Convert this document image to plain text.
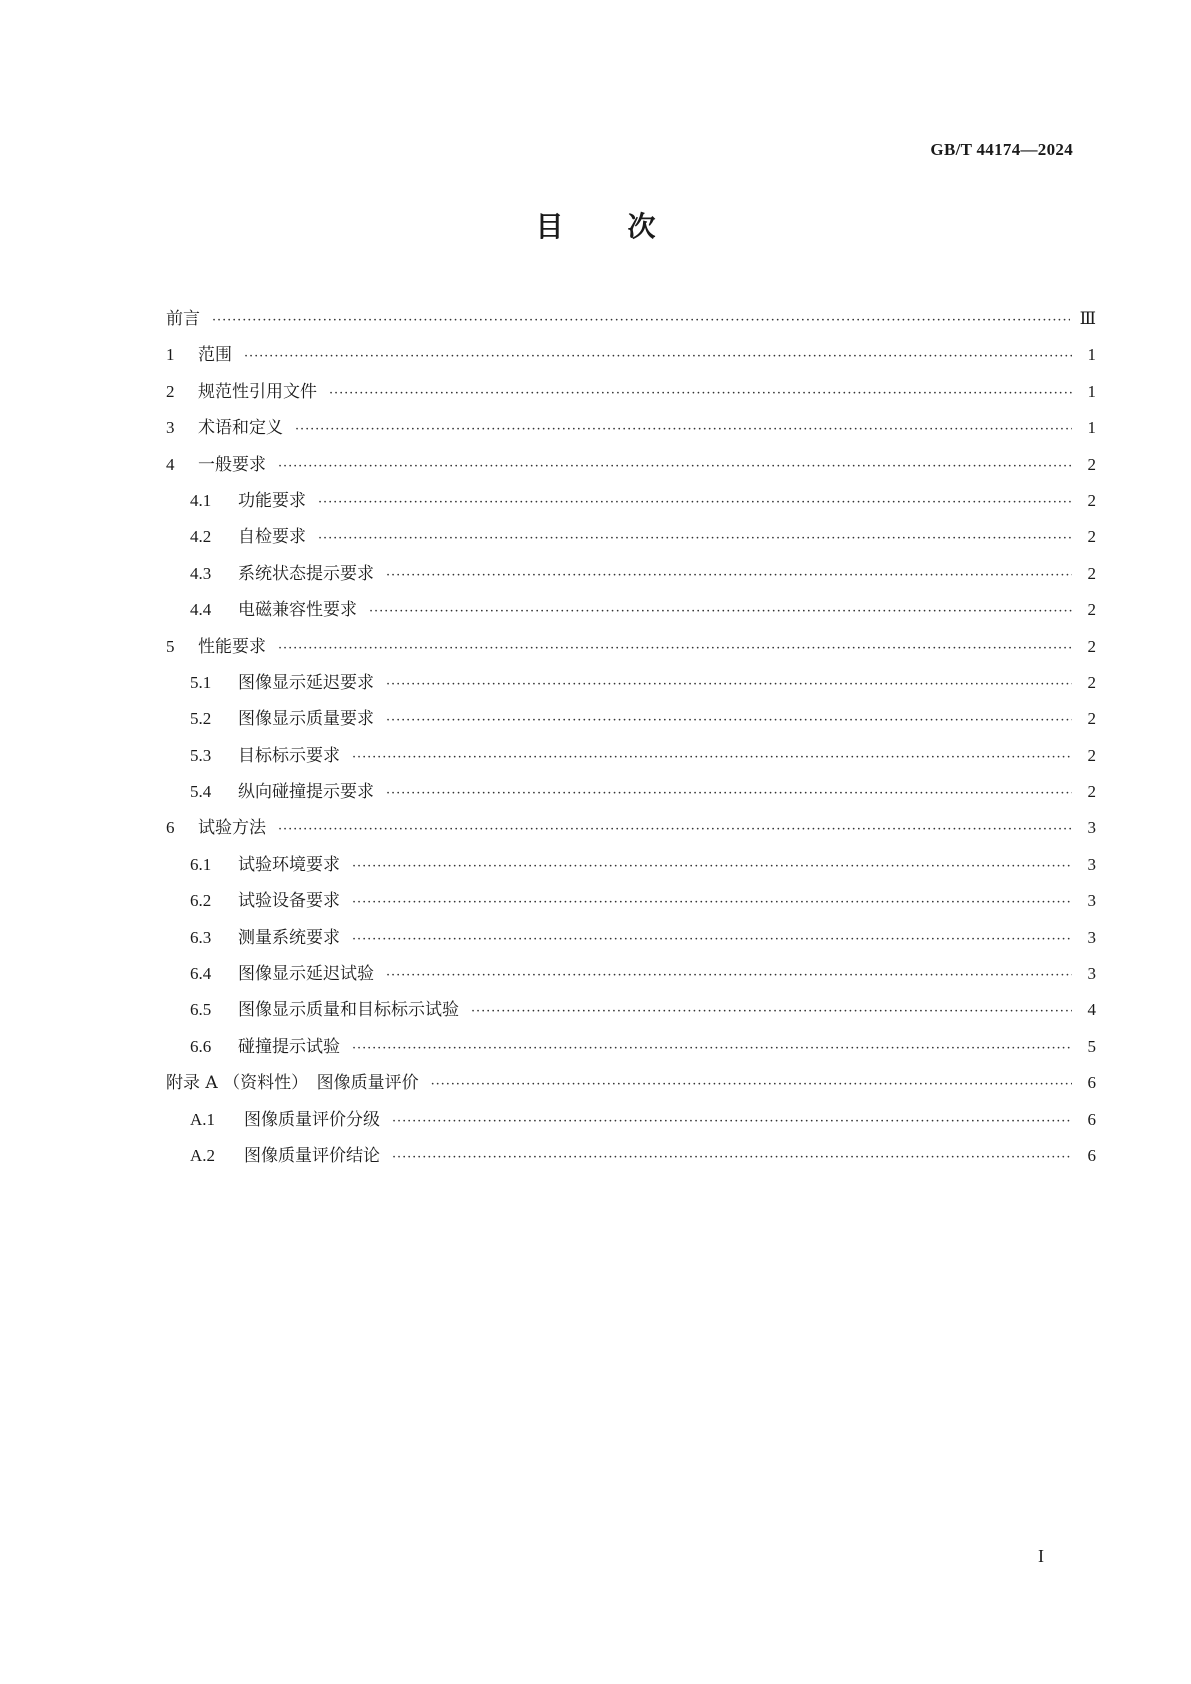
GB/T 44174—2024
目 次
前言 ·····	Ⅲ
1	范围 ·····	1
2	规范性引用文件 ·····	1
3	术语和定义 ·····	1
4	一般要求 ·····	2
4.1	功能要求 ·····	2
4.2	自检要求 ·····	2
4.3	系统状态提示要求 ·····	2
4.4	电磁兼容性要求 ·····	2
5	性能要求 ·····	2
5.1	图像显示延迟要求 ·····	2
5.2	图像显示质量要求 ·····	2
5.3	目标标示要求 ·····	2
5.4	纵向碰撞提示要求 ·····	2
6	试验方法 ·····	3
6.1	试验环境要求 ·····	3
6.2	试验设备要求 ·····	3
6.3	测量系统要求 ·····	3
6.4	图像显示延迟试验 ·····	3
6.5	图像显示质量和目标标示试验 ·····	4
6.6	碰撞提示试验 ·····	5
附录 A （资料性）　图像质量评价 ·····	6
A.1	图像质量评价分级 ·····	6
A.2	图像质量评价结论 ·····	6
I
